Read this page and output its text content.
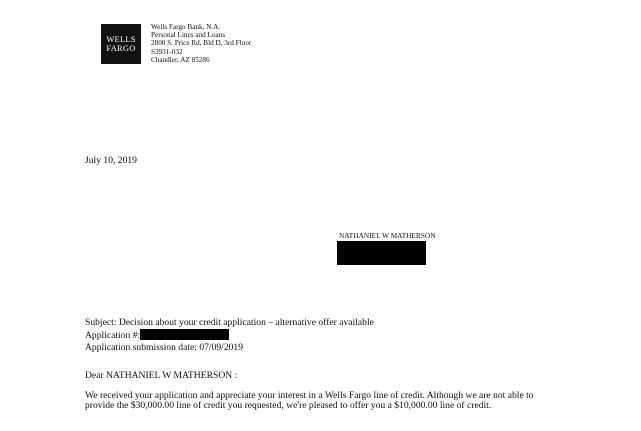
WELLS
FARGO
Wells Fargo Bank, N.A.
Personal Lines and Loans
2800 S. Price Rd, Bld D, 3rd Floor
S3931-032
Chandler, AZ 85286
July 10, 2019
NATHANIEL W MATHERSON
Subject: Decision about your credit application – alternative offer available
Application #:
Application submission date: 07/09/2019
Dear NATHANIEL W MATHERSON :
We received your application and appreciate your interest in a Wells Fargo line of credit. Although we are not able to provide the $30,000.00 line of credit you requested, we're pleased to offer you a $10,000.00 line of credit.
